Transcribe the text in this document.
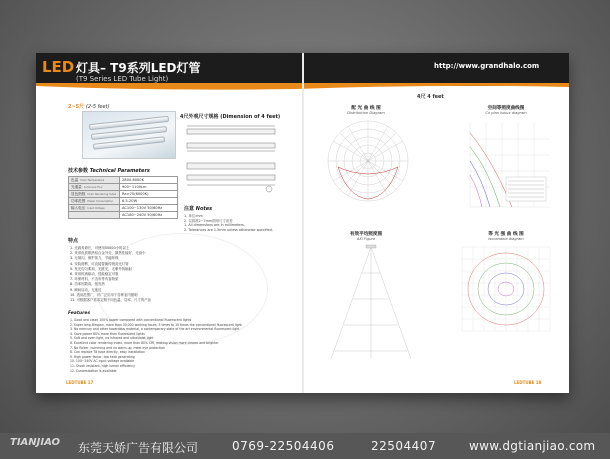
LED 灯具– T9系列LED灯管
(T9 Series LED Tube Light)
http://www.grandhalo.com
2~5尺 (2-5 feet)
4尺外观尺寸规格 (Dimension of 4 feet)
技术参数 Technical Parameters
色温 Color Temperature	2800-6000K
光通量 Luminous Flux	900~1100Lm
显色指数 Color Rendering Index	Ra>70(6000K)
功率范围 Power Consumption	6.5-20W
输入电压 Input Voltage	AC100~130V 50/60Hz
	AC180~240V 50/60Hz
注意 Notes
1. 单位:mm
2. 以基准2~7mm圆形尺寸误差
1. All dimensions are in millimeters.
2. Tolerances are 1.5mm unless otherwise specified.
特点
1. 光源寿命长，可使用50000小时以上
2. 采用优质散热铝合金外壳，散热性能好，光衰小
3. 无频闪，保护视力，节能环保
4. 安装便利，可直接替换传统荧光灯管
5. 发光均匀柔和，无眩光，无紫外线辐射
6. 采用恒流驱动，性能稳定可靠
7. 环保材料，不含汞等有害物质
8. 功率因数高，低发热
9. 瞬间启动，无延迟
10. 适用范围广，可广泛应用于各种室内照明
11. 可根据客户需求定制不同色温、功率、尺寸的产品
Features
1. Good and clean 100% power compared with conventional fluorescent lights
2. Super long lifespan, more than 30,000 working hours, 5 times to 10 times the conventional fluorescent light
3. No mercury and other hazardous material, a contemporary state of the art environmental fluorescent light
4. Save power 60% more than fluorescent lights
5. Soft and even light, no infrared and ultraviolet light
6. Excellent color rendering index, more than 80% CRI, making vision more clearer and brighter
7. No flicker, humming and no warm-up, meet eye protection
8. Can replace T8 tube directly, easy installation
9. High power factor, low heat generating
10. 100~240V AC input voltage available
11. Shock resistant, high lumen efficiency
12. Customization is available
LEDTUBE 17
4尺 4 feet
配 光 曲 线 图
Distribution Diagram
空间等照度曲线图
Co plan isolux diagram
有效平均照度图
AXl Figure
等 光 强 曲 线 图
Isocandela diagram
LEDTUBE 18
TIANJIAO 东莞天娇广告有限公司	0769-22504406	22504407	www.dgtianjiao.com
